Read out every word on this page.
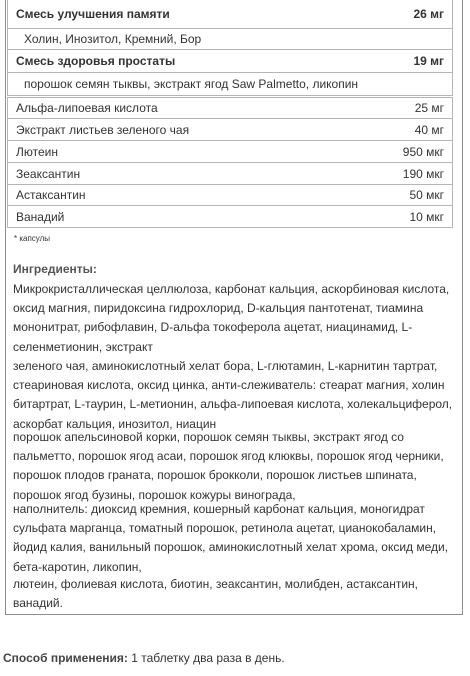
Смесь улучшения памяти	26 мг
Холин, Инозитол, Кремний, Бор
Смесь здоровья простаты	19 мг
порошок семян тыквы, экстракт ягод Saw Palmetto, ликопин
Альфа-липоевая кислота	25 мг
Экстракт листьев зеленого чая	40 мг
Лютеин	950 мкг
Зеаксантин	190 мкг
Астаксантин	50 мкг
Ванадий	10 мкг
* капсулы
Ингредиенты:
Микрокристаллическая целлюлоза, карбонат кальция, аскорбиновая кислота, оксид магния, пиридоксина гидрохлорид, D-кальция пантотенат, тиамина мононитрат, рибофлавин, D-альфа токоферола ацетат, ниацинамид, L-селенметионин, экстракт
зеленого чая, аминокислотный хелат бора, L-глютамин, L-карнитин тартрат, стеариновая кислота, оксид цинка, анти-слеживатель: стеарат магния, холин битартрат, L-таурин, L-метионин, альфа-липоевая кислота, холекальциферол, аскорбат кальция, инозитол, ниацин
порошок апельсиновой корки, порошок семян тыквы, экстракт ягод со пальметто, порошок ягод асаи, порошок ягод клюквы, порошок ягод черники, порошок плодов граната, порошок брокколи, порошок листьев шпината, порошок ягод бузины, порошок кожуры винограда,
наполнитель: диоксид кремния, кошерный карбонат кальция, моногидрат сульфата марганца, томатный порошок, ретинола ацетат, цианокобаламин, йодид калия, ванильный порошок, аминокислотный хелат хрома, оксид меди, бета-каротин, ликопин,
лютеин, фолиевая кислота, биотин, зеаксантин, молибден, астаксантин, ванадий.
Способ применения: 1 таблетку два раза в день.
